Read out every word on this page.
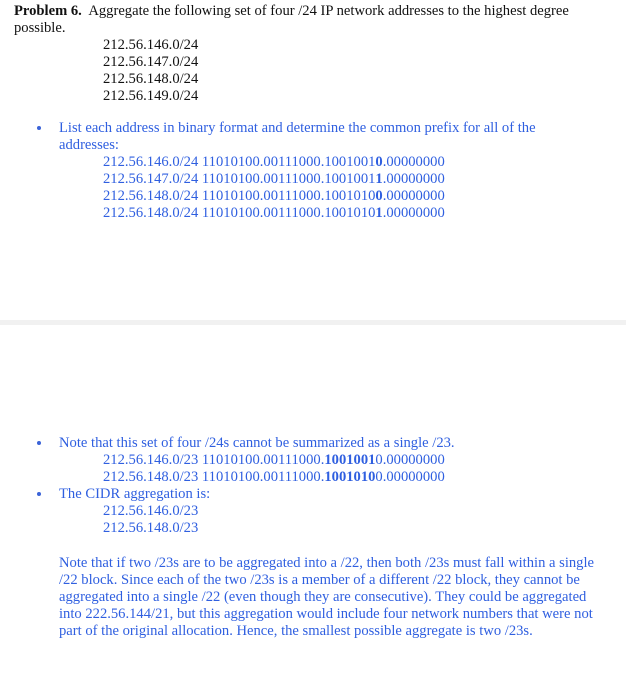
Problem 6. Aggregate the following set of four /24 IP network addresses to the highest degree
possible.
212.56.146.0/24
212.56.147.0/24
212.56.148.0/24
212.56.149.0/24
List each address in binary format and determine the common prefix for all of the
addresses:
212.56.146.0/24 11010100.00111000.10010010.00000000
212.56.147.0/24 11010100.00111000.10010011.00000000
212.56.148.0/24 11010100.00111000.10010100.00000000
212.56.148.0/24 11010100.00111000.10010101.00000000
Note that this set of four /24s cannot be summarized as a single /23.
212.56.146.0/23 11010100.00111000.10010010.00000000
212.56.148.0/23 11010100.00111000.10010100.00000000
The CIDR aggregation is:
212.56.146.0/23
212.56.148.0/23
Note that if two /23s are to be aggregated into a /22, then both /23s must fall within a single
/22 block. Since each of the two /23s is a member of a different /22 block, they cannot be
aggregated into a single /22 (even though they are consecutive). They could be aggregated
into 222.56.144/21, but this aggregation would include four network numbers that were not
part of the original allocation. Hence, the smallest possible aggregate is two /23s.
